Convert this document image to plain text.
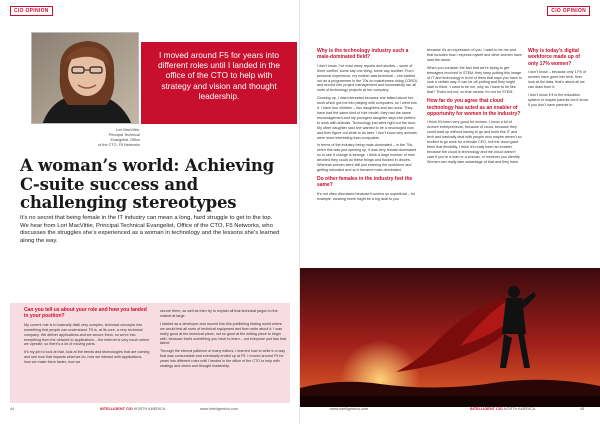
CIO OPINION

I moved around F5 for years into different roles until I landed in the office of the CTO to help with strategy and vision and thought leadership.

Lori MacVittie,
Principal Technical
Evangelist, Office
of the CTO, F5 Networks
A woman’s world: Achieving C-suite success and challenging stereotypes

It’s no secret that being female in the IT industry can mean a long, hard struggle to get to the top. We hear from Lori MacVittie, Principal Technical Evangelist, Office of the CTO, F5 Networks, who discusses the struggles she’s experienced as a woman in technology and the lessons she’s learned along the way.

Can you tell us about your role and how you landed in your position?

My current role is to basically distil very complex, technical concepts into something that people can understand. F5 is, at its core, a very technical company. We deliver applications and we secure them, so we’re into everything from the network to applications – the internet is very much where we operate, so there’s a lot of moving parts.

It’s my job to look at that, look at the trends and technologies that are coming and see how that impacts what we do, how we interact with applications, how we make them faster, how we

secure them, as well as then try to explain all that technical jargon to the market at large.

I started as a developer and moved into this publishing testing world where we would test all sorts of technical equipment and then write about it. I was really good at the technical piece, not so good at the writing piece to begin with, because that’s something you have to learn – not everyone just has that talent.

Through the eternal patience of many editors, I learned how to write in a way that was consumable and eventually ended up at F5. I moved around F5 for years into different roles until I landed in the office of the CTO to help with strategy and vision and thought leadership.

44	INTELLIGENT CIO NORTH AMERICA	www.intelligentcio.com
CIO OPINION
Why is the technology industry such a male-dominated field?

I don’t know. I’ve read many reports and studies – some of them conflict, some say one thing, some say another. From personal experience, my mother was technical – she started out as a programmer in the 70s on mainframes doing COBOL and moved into project management and successfully ran all sorts of technology projects at her company.

Growing up, I was interested because she talked about her work which got me into playing with computers, so I went into it. I have four children – two daughters and two sons. They have had the same kind of role model, they had the same encouragement and my youngest daughter says she prefers to work with animals. Technology just went right out the door. My other daughter said she wanted to be a neurologist now and then figure out what to do later. I don’t know why animals were more interesting than computers.

In terms of the industry being male-dominated – in the 70s, when this was just opening up, it was very female-dominated so to see it change is strange. I think a large number of men decided they could do these things and flocked in droves. Whereas women were still just entering the workforce and getting educated and so it became male-dominated.

Do other females in the industry feel the same?

It’s not often discussed because it seems so superficial – for example, wearing heels might be a big deal to you

because it’s an expression of you, I want to be me and that includes how I express myself and other women have said the same.

When you consider the fact that we’re trying to get teenagers involved in STEM, they keep putting this image of IT and technology in front of them that says you have to look a certain way. It can be off-putting and they might start to think, ‘I want to be me, why do I have to be like that? That’s not me, so that means I’m not for STEM.’

How far do you agree that cloud technology has acted as an enabler of opportunity for women in the industry?

I think it’s been very good for women. I know a lot of women entrepreneurs, because of cloud, because they could start up without having to go and build this IT and tech and basically deal with people who maybe weren’t so excited to go work for a female CEO, but the cloud gave them that flexibility. I think it’s really been an enabler because the cloud is technology and the cloud doesn’t care if you’re a man or a woman, or however you identify. Women can really take advantage of that and they have.

Why is today’s digital workforce made up of only 17% women?

I don’t know – because only 17% of women have gone into tech, then look at the data, that’s about all we can draw from it.

I don’t know if it is the education system or maybe parents don’t know. If you don’t have parents in

www.intelligentcio.com	INTELLIGENT CIO NORTH AMERICA	45
